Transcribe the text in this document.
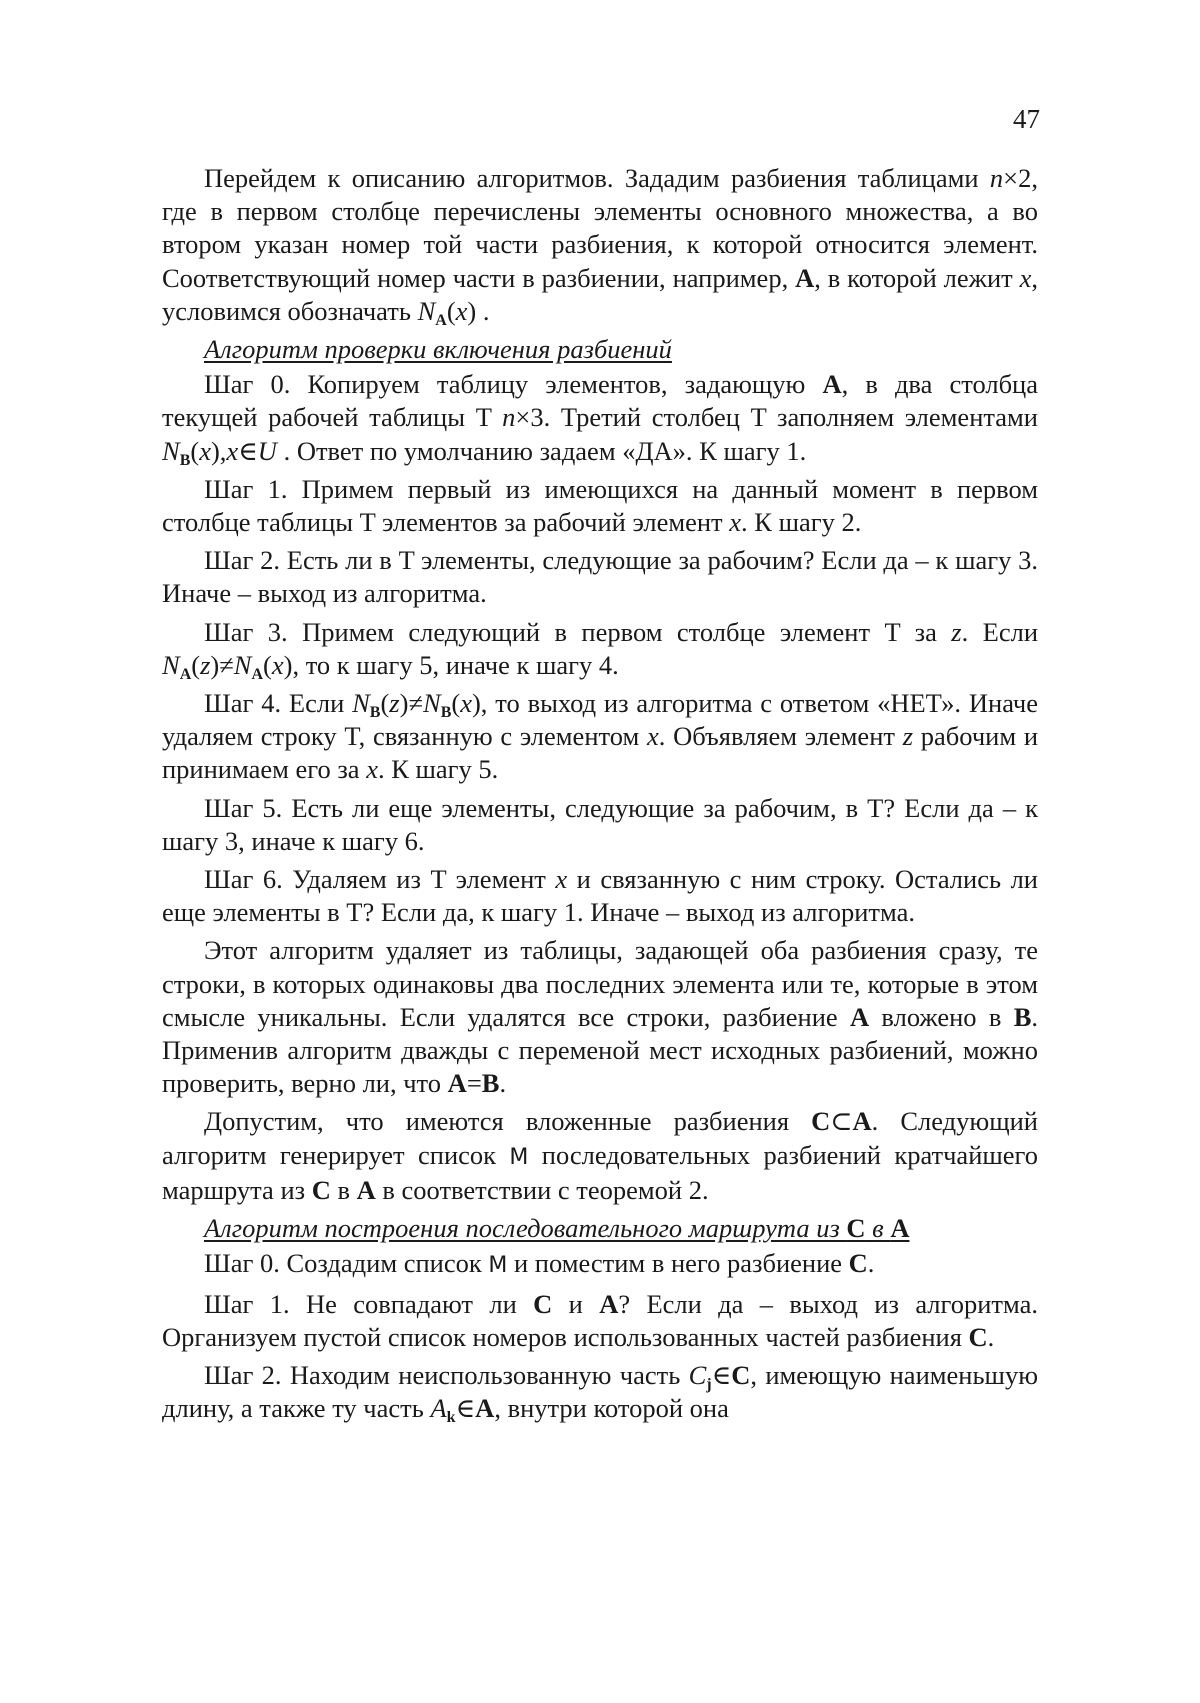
47

Перейдем к описанию алгоритмов. Зададим разбиения таблицами n×2, где в первом столбце перечислены элементы основного множества, а во втором указан номер той части разбиения, к которой относится элемент. Соответствующий номер части в разбиении, например, A, в которой лежит x, условимся обозначать $N_A(x)$ .

Алгоритм проверки включения разбиений

Шаг 0. Копируем таблицу элементов, задающую A, в два столбца текущей рабочей таблицы T n×3. Третий столбец T заполняем элементами $N_B(x),x\in U$ . Ответ по умолчанию задаем «ДА». К шагу 1.

Шаг 1. Примем первый из имеющихся на данный момент в первом столбце таблицы T элементов за рабочий элемент x. К шагу 2.

Шаг 2. Есть ли в T элементы, следующие за рабочим? Если да – к шагу 3. Иначе – выход из алгоритма.

Шаг 3. Примем следующий в первом столбце элемент T за z. Если $N_A(z)\ne N_A(x)$, то к шагу 5, иначе к шагу 4.

Шаг 4. Если $N_B(z)\ne N_B(x)$, то выход из алгоритма с ответом «НЕТ». Иначе удаляем строку T, связанную с элементом x. Объявляем элемент z рабочим и принимаем его за x. К шагу 5.

Шаг 5. Есть ли еще элементы, следующие за рабочим, в T? Если да – к шагу 3, иначе к шагу 6.

Шаг 6. Удаляем из T элемент x и связанную с ним строку. Остались ли еще элементы в T? Если да, к шагу 1. Иначе – выход из алгоритма.

Этот алгоритм удаляет из таблицы, задающей оба разбиения сразу, те строки, в которых одинаковы два последних элемента или те, которые в этом смысле уникальны. Если удалятся все строки, разбиение A вложено в B. Применив алгоритм дважды с переменой мест исходных разбиений, можно проверить, верно ли, что A=B.

Допустим, что имеются вложенные разбиения C⊂A. Следующий алгоритм генерирует список M последовательных разбиений кратчайшего маршрута из C в A в соответствии с теоремой 2.

Алгоритм построения последовательного маршрута из C в A

Шаг 0. Создадим список M и поместим в него разбиение C.

Шаг 1. Не совпадают ли C и A? Если да – выход из алгоритма. Организуем пустой список номеров использованных частей разбиения C.

Шаг 2. Находим неиспользованную часть $C_j\in C$, имеющую наименьшую длину, а также ту часть $A_k\in A$, внутри которой она
